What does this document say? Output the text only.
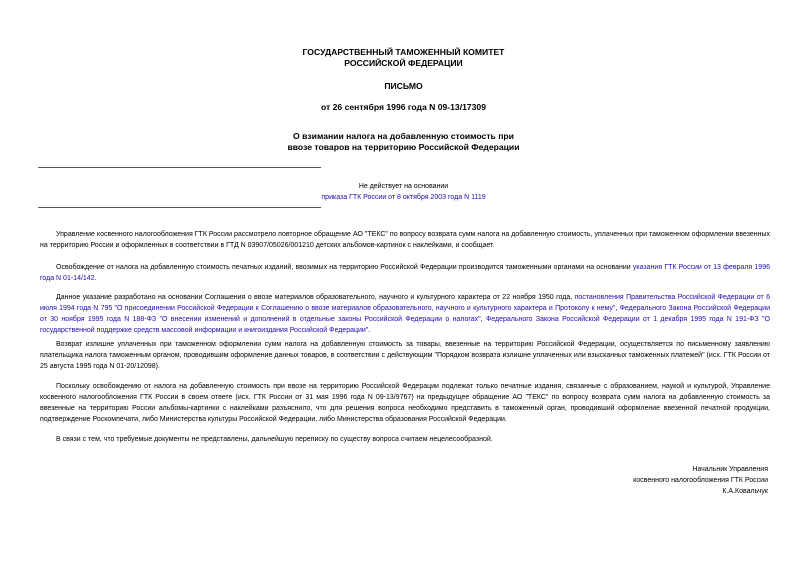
ГОСУДАРСТВЕННЫЙ ТАМОЖЕННЫЙ КОМИТЕТ
РОССИЙСКОЙ ФЕДЕРАЦИИ
ПИСЬМО
от 26 сентября 1996 года N 09-13/17309
О взимании налога на добавленную стоимость при
ввозе товаров на территорию Российской Федерации
Не действует на основании
приказа ГТК России от 8 октября 2003 года N 1119

Управление косвенного налогообложения ГТК России рассмотрело повторное обращение АО "ТЕКС" по вопросу возврата сумм налога на добавленную стоимость, уплаченных при таможенном оформлении ввезенных на территорию России и оформленных в соответствии в ГТД N 03907/05026/001210 детских альбомов-картинок с наклейками, и сообщает.

Освобождение от налога на добавленную стоимость печатных изданий, ввозимых на территорию Российской Федерации производится таможенными органами на основании указания ГТК России от 13 февраля 1996 года N 01-14/142.

Данное указание разработано на основании Соглашения о ввозе материалов образовательного, научного и культурного характера от 22 ноября 1950 года, постановления Правительства Российской Федерации от 6 июля 1994 года N 795 "О присоединении Российской Федерации к Соглашению о ввозе материалов образовательного, научного и культурного характера и Протоколу к нему", Федерального Закона Российской Федерации от 30 ноября 1995 года N 188-ФЗ "О внесении изменений и дополнений в отдельные законы Российской Федерации о налогах", Федерального Закона Российской Федерации от 1 декабря 1995 года N 191-ФЗ "О государственной поддержке средств массовой информации и книгоиздания Российской Федерации".

Возврат излишне уплаченных при таможенном оформлении сумм налога на добавленную стоимость за товары, ввезенные на территорию Российской Федерации, осуществляется по письменному заявлению плательщика налога таможенным органом, проводившим оформление данных товаров, в соответствии с действующим "Порядком возврата излишне уплаченных или взысканных таможенных платежей" (исх. ГТК России от 25 августа 1995 года N 01-20/12098).

Поскольку освобождению от налога на добавленную стоимость при ввозе на территорию Российской Федерации подлежат только печатные издания, связанные с образованием, наукой и культурой, Управление косвенного налогообложения ГТК России в своем ответе (исх. ГТК России от 31 мая 1996 года N 09-13/9767) на предыдущее обращение АО "ТЕКС" по вопросу возврата сумм налога на добавленную стоимость за ввезенные на территорию России альбомы-картинки с наклейками разъяснило, что для решения вопроса необходимо представить в таможенный орган, проводивший оформление ввезенной печатной продукции, подтверждение Роскомпечати, либо Министерства культуры Российской Федерации, либо Министерства образования Российской Федерации.

В связи с тем, что требуемые документы не представлены, дальнейшую переписку по существу вопроса считаем нецелесообразной.

Начальник Управления
косвенного налогообложения ГТК России
К.А.Ковальчук
